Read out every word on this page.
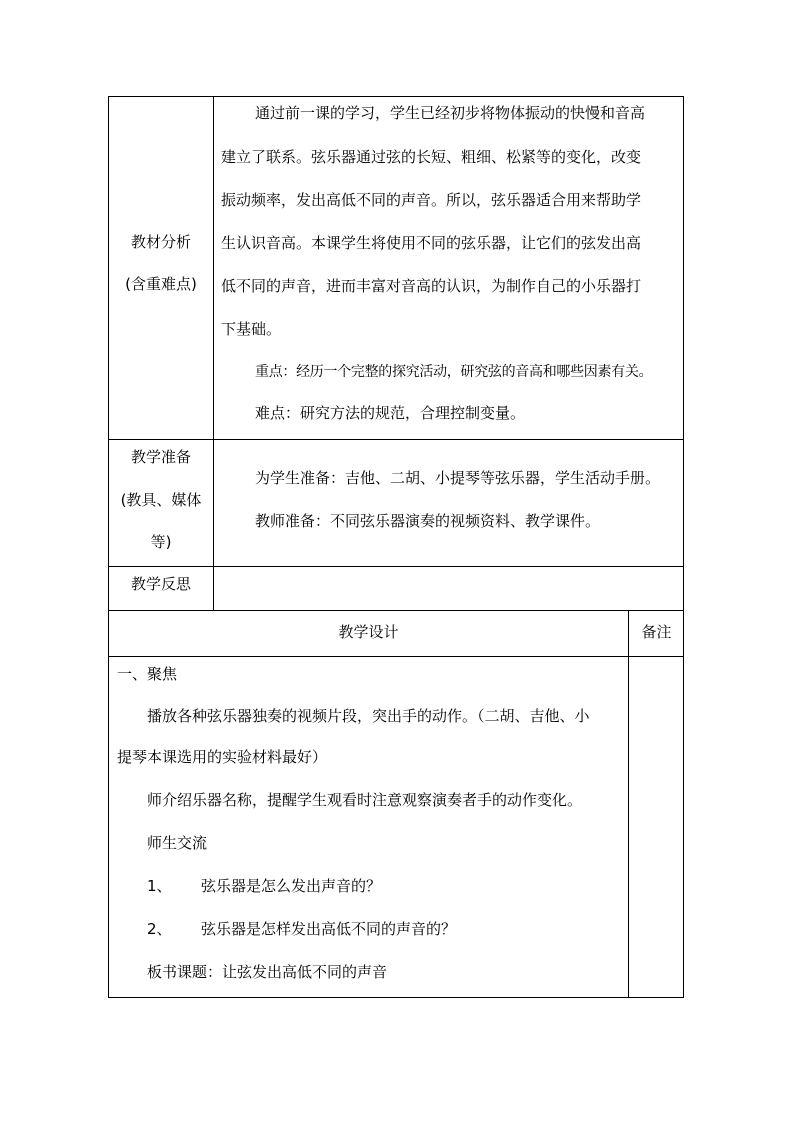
教材分析
(含重难点)
通过前一课的学习，学生已经初步将物体振动的快慢和音高
建立了联系。弦乐器通过弦的长短、粗细、松紧等的变化，改变
振动频率，发出高低不同的声音。所以，弦乐器适合用来帮助学
生认识音高。本课学生将使用不同的弦乐器，让它们的弦发出高
低不同的声音，进而丰富对音高的认识，为制作自己的小乐器打
下基础。
重点：经历一个完整的探究活动，研究弦的音高和哪些因素有关。
难点：研究方法的规范，合理控制变量。
教学准备
(教具、媒体
等)
为学生准备：吉他、二胡、小提琴等弦乐器，学生活动手册。
教师准备：不同弦乐器演奏的视频资料、教学课件。
教学反思
教学设计	备注
一、聚焦
播放各种弦乐器独奏的视频片段，突出手的动作。（二胡、吉他、小
提琴本课选用的实验材料最好）
师介绍乐器名称，提醒学生观看时注意观察演奏者手的动作变化。
师生交流
1、 弦乐器是怎么发出声音的？
2、 弦乐器是怎样发出高低不同的声音的？
板书课题：让弦发出高低不同的声音
